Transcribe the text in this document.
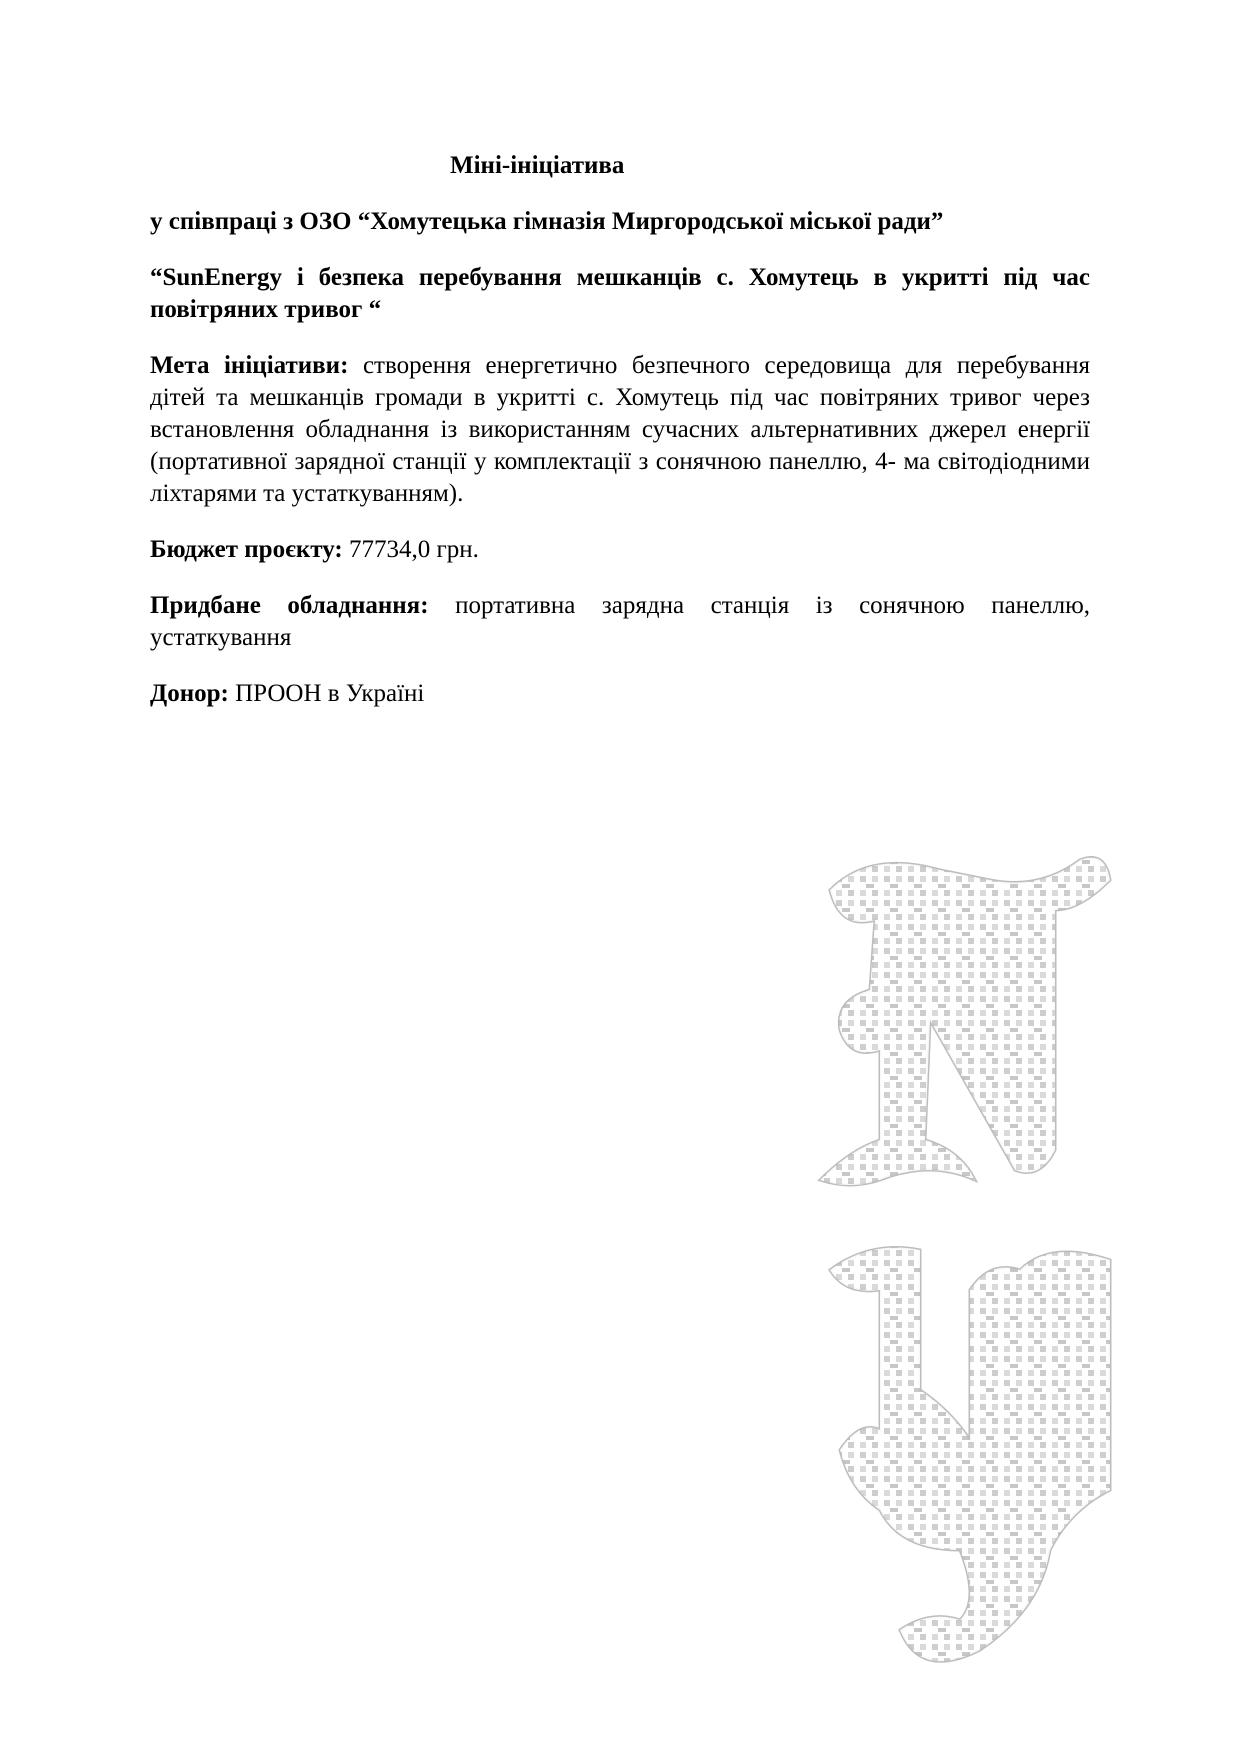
Міні-ініціатива

у співпраці з ОЗО “Хомутецька гімназія Миргородської міської ради”

“SunEnergy і безпека перебування мешканців с. Хомутець в укритті під час повітряних тривог “

Мета ініціативи: створення енергетично безпечного середовища для перебування дітей та мешканців громади в укритті с. Хомутець під час повітряних тривог через встановлення обладнання із використанням сучасних альтернативних джерел енергії (портативної зарядної станції у комплектації з сонячною панеллю, 4- ма світодіодними ліхтарями та устаткуванням).

Бюджет проєкту: 77734,0 грн.

Придбане обладнання: портативна зарядна станція із сонячною панеллю, устаткування

Донор: ПРООН в Україні
